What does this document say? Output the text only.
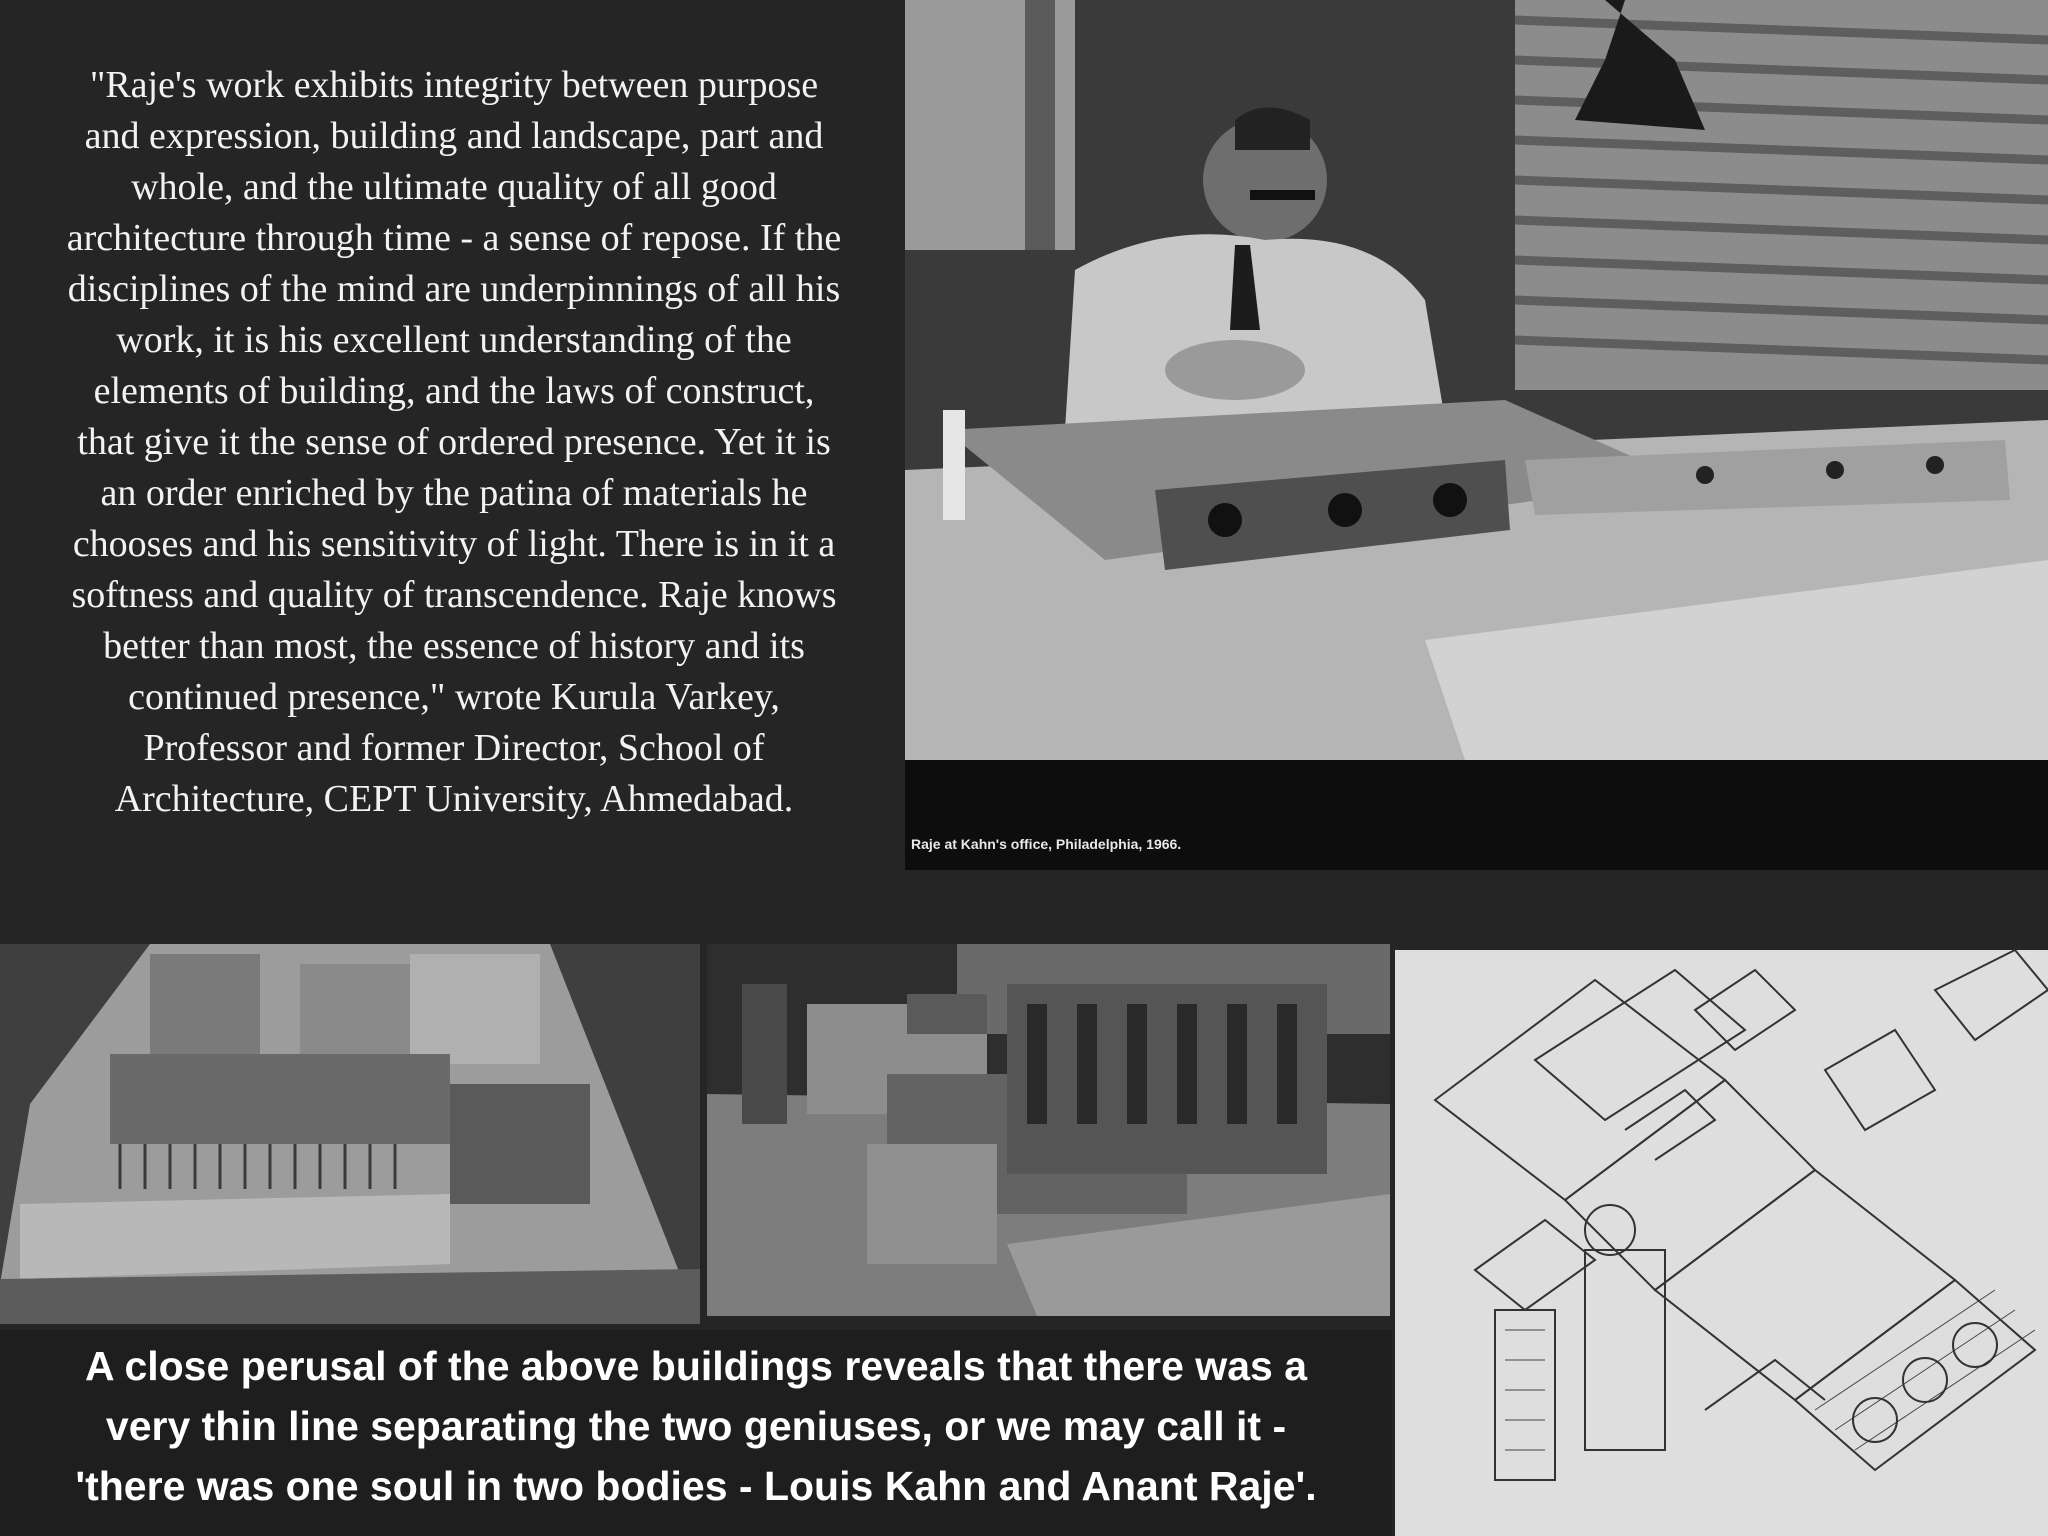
"Raje's work exhibits integrity between purpose
and expression, building and landscape, part and
whole, and the ultimate quality of all good
architecture through time - a sense of repose. If the
disciplines of the mind are underpinnings of all his
work, it is his excellent understanding of the
elements of building, and the laws of construct,
that give it the sense of ordered presence. Yet it is
an order enriched by the patina of materials he
chooses and his sensitivity of light. There is in it a
softness and quality of transcendence. Raje knows
better than most, the essence of history and its
continued presence," wrote Kurula Varkey,
Professor and former Director, School of
Architecture, CEPT University, Ahmedabad.
Raje at Kahn's office, Philadelphia, 1966.
A close perusal of the above buildings reveals that there was a
very thin line separating the two geniuses, or we may call it -
'there was one soul in two bodies - Louis Kahn and Anant Raje'.
